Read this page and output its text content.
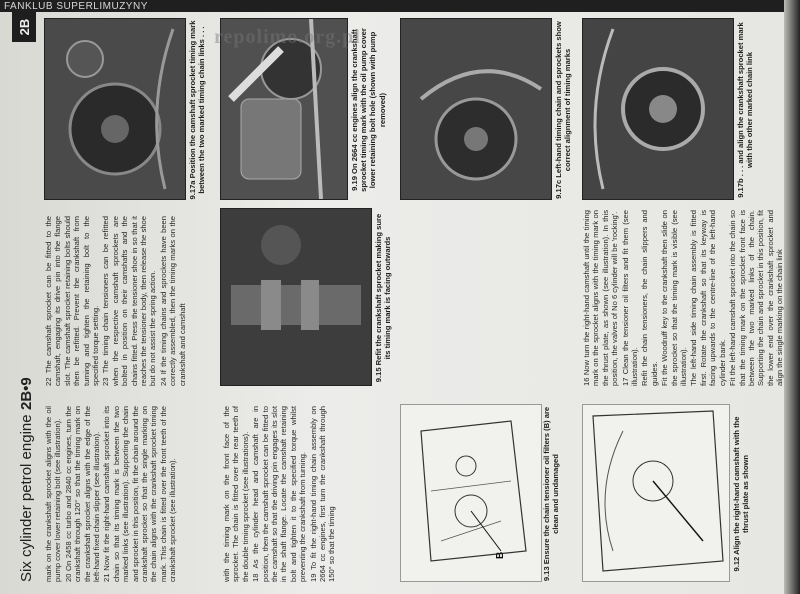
Six cylinder petrol engine
2B•9
2B

mark on the crankshaft sprocket aligns with the oil pump cover lower retaining bolt (see illustration). 20 On 2458 cc turbo and 2840 cc engines, turn the crankshaft through 120° so that the timing mark on the crankshaft sprocket aligns with the edge of the left-hand fixed chain slipper (see illustration). 21 Now fit the right-hand camshaft sprocket into its chain so that its timing mark is between the two marked links (see illustration). Supporting the chain and sprocket in this position, fit the chain around the crankshaft sprocket so that the single marking on the chain aligns with the crankshaft sprocket timing mark. This chain is fitted over the front teeth of the crankshaft sprocket (see illustration).

22 The camshaft sprocket can be fitted to the camshaft, engaging its drive pin into the flange slot. The camshaft sprocket retaining bolts should then be refitted. Prevent the crankshaft from turning and tighten the retaining bolt to the specified torque setting. 23 The timing chain tensioners can be refitted when the respective camshaft sprockets are bolted in position on their camshafts and the chains fitted. Press the tensioner shoe in so that it reaches the tensioner body, then release the shoe but do not assist the spring action. 24 If the timing chains and sprockets have been correctly assembled, then the timing marks on the crankshaft and camshaft

9.17a Position the camshaft sprocket timing mark between the two marked timing chain links . . .	9.19 On 2664 cc engines align the crankshaft sprocket timing mark with the oil pump cover lower retaining bolt hole (shown with pump removed)
9.15 Refit the crankshaft sprocket making sure its timing mark is facing outwards

with the timing mark on the front face of the sprocket. The chain is fitted over the rear teeth of the double timing sprocket (see illustrations). 18 As the cylinder head and camshaft are in position, then the camshaft sprocket can be fitted to the camshaft so that the driving pin engages its slot in the shaft flange. Locate the camshaft retaining bolt and tighten it to the specified torque whilst preventing the crankshaft from turning. 19 To fit the right-hand timing chain assembly on 2664 cc engines, first turn the crankshaft through 150° so that the timing

9.17c Left-hand timing chain and sprockets show correct alignment of timing marks
B	9.13 Ensure the chain tensioner oil filters (B) are clean and undamaged	9.12 Align the right-hand camshaft with the thrust plate as shown

16 Now turn the right-hand camshaft until the timing mark on the sprocket aligns with the timing mark on the thrust plate, as shown (see illustration). In this position, the valves of No 6 cylinder will be 'rocking'. 17 Clean the tensioner oil filters and fit them (see illustration). Refit the chain tensioners, the chain slippers and guides. Fit the Woodruff key to the crankshaft then slide on the sprocket so that the timing mark is visible (see illustration). The left-hand side timing chain assembly is fitted first. Rotate the crankshaft so that its keyway is facing upwards to the centre-line of the left-hand cylinder bank. Fit the left-hand camshaft sprocket into the chain so that the timing mark on the sprocket front face is between the two marked links of the chain. Supporting the chain and sprocket in this position, fit the lower end over the crankshaft sprocket and align the single marking on the chain link

9.17b . . . and align the crankshaft sprocket mark with the other marked chain link
FANKLUB SUPERLIMUZYNY
repolimo.org.pl
